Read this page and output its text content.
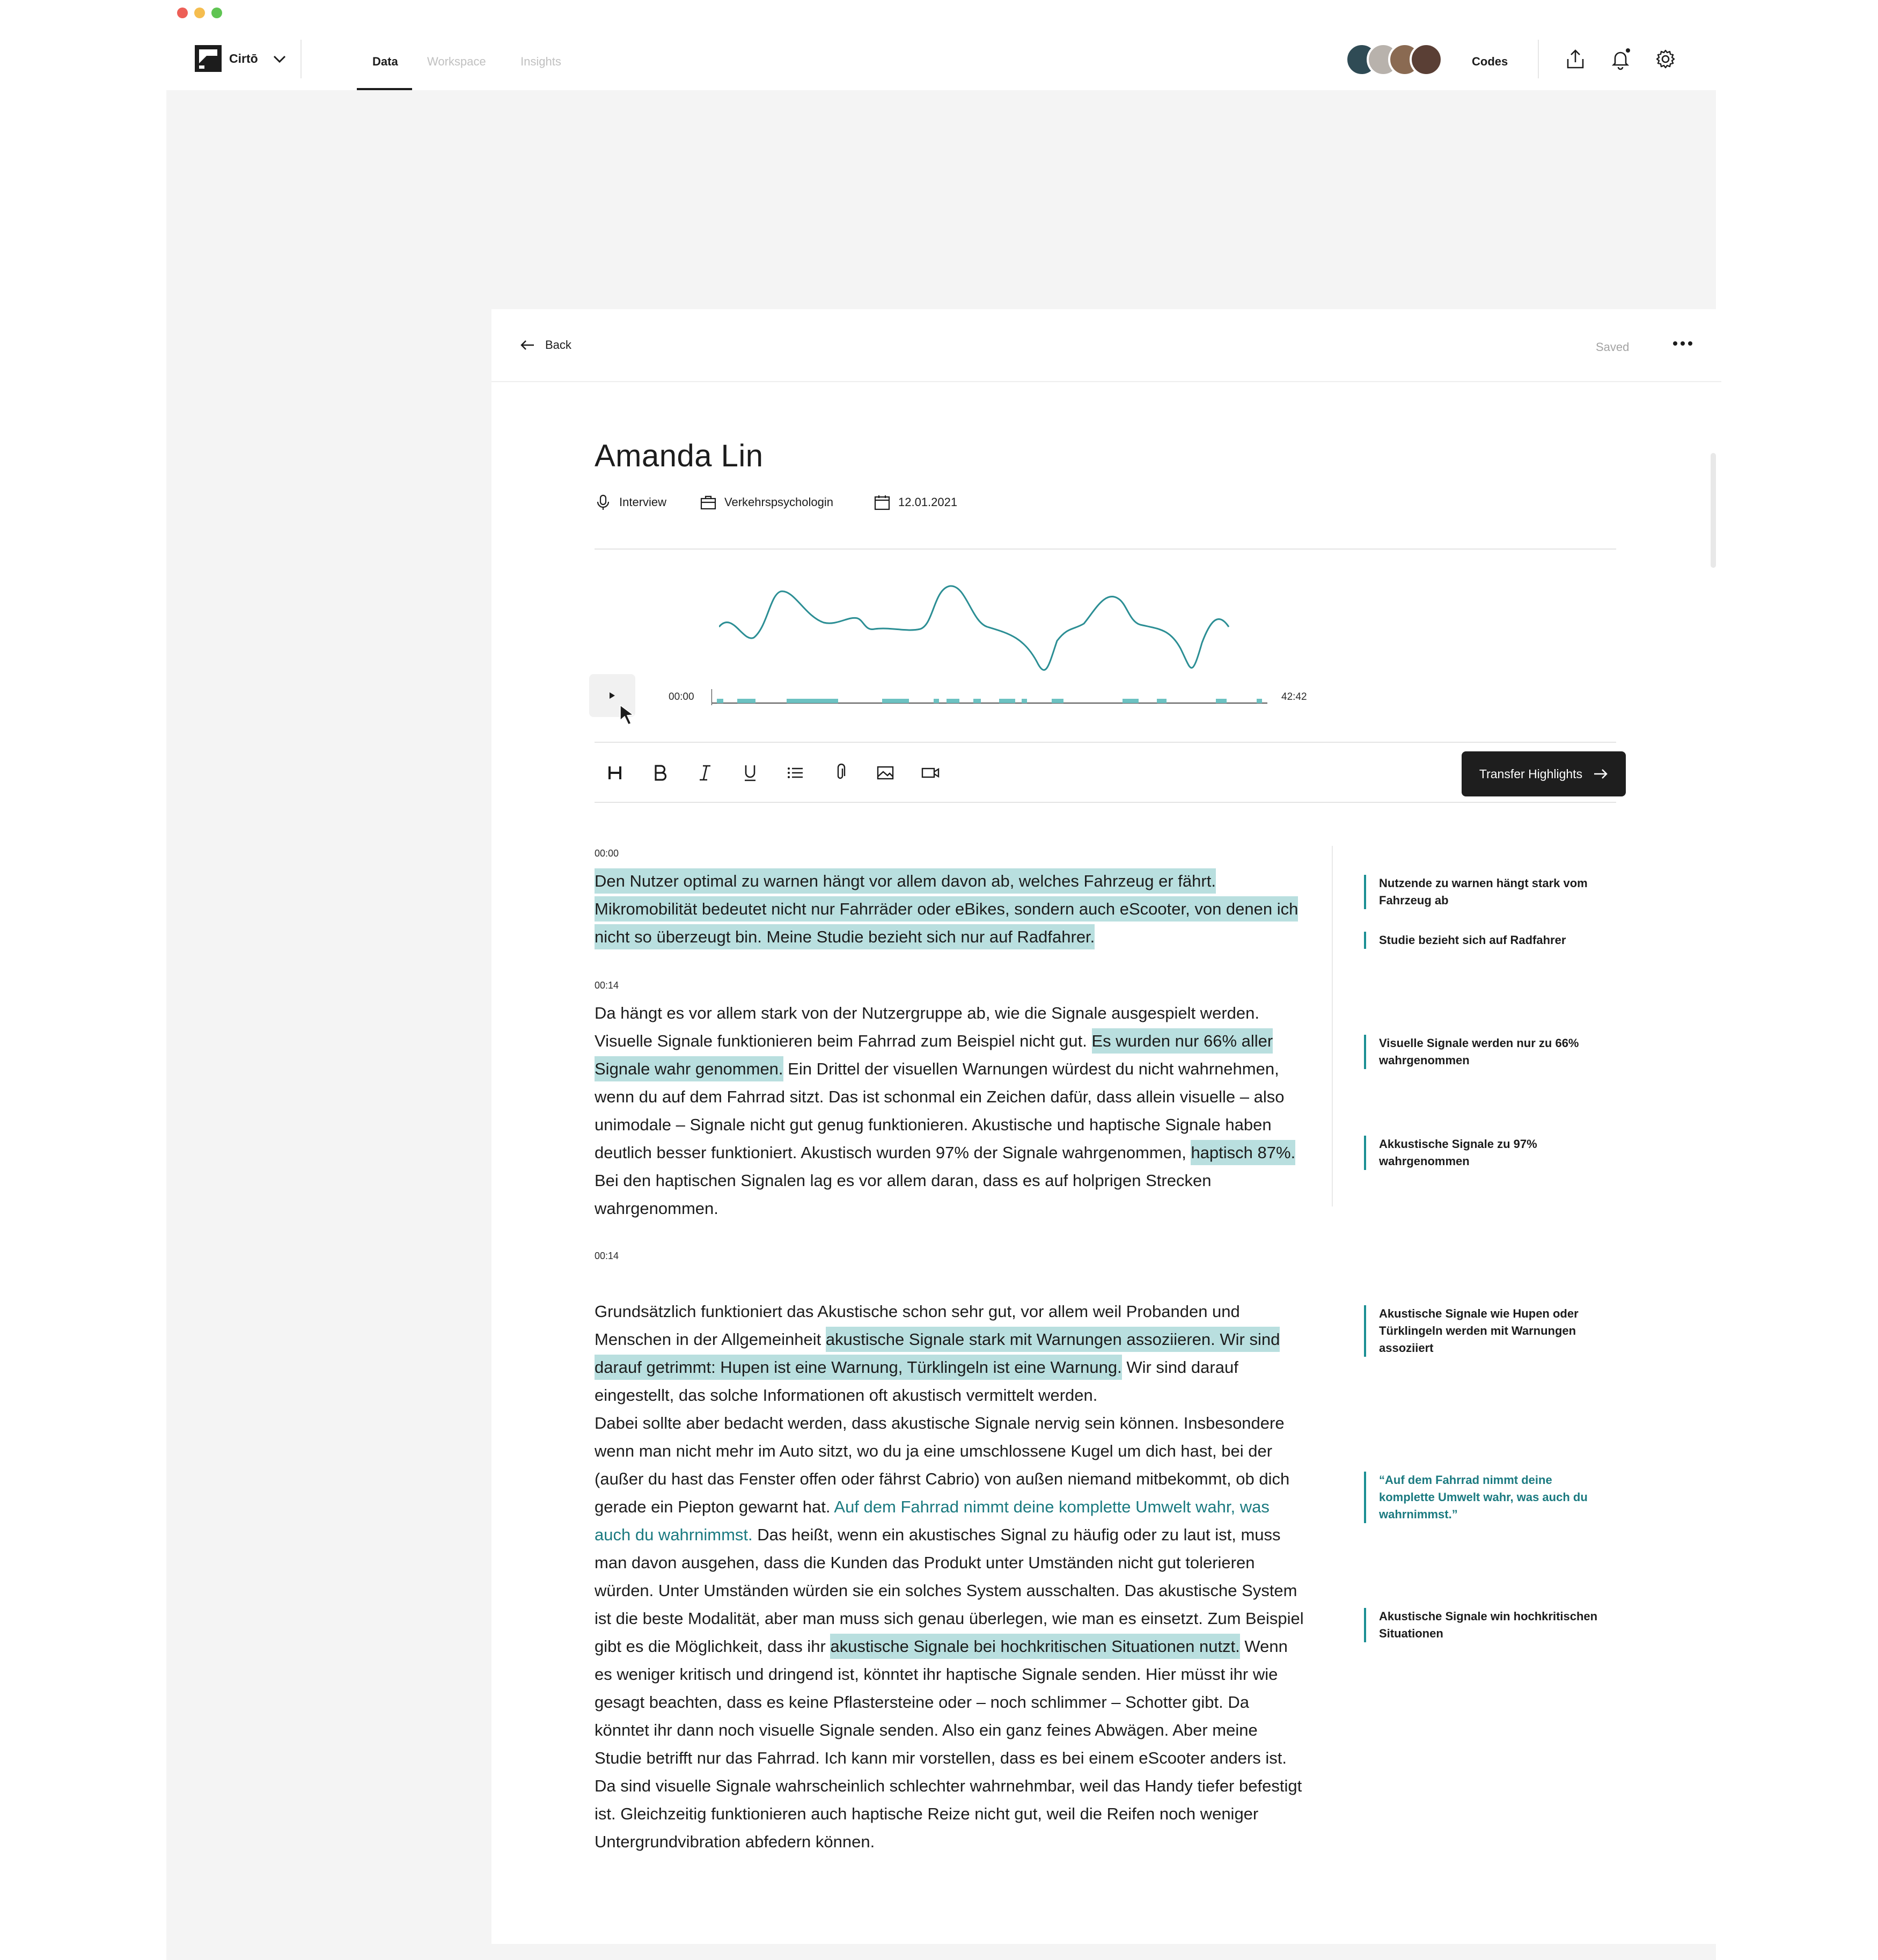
Cirtō	Data Workspace	Insights	Codes
Back	Saved
Amanda Lin
Interview	Verkehrspsychologin	12.01.2021
00:00	42:42
Transfer Highlights
00:00

Den Nutzer optimal zu warnen hängt vor allem davon ab, welches Fahrzeug er fährt. Mikromobilität bedeutet nicht nur Fahrräder oder eBikes, sondern auch eScooter, von denen ich nicht so überzeugt bin. Meine Studie bezieht sich nur auf Radfahrer.

00:14

Da hängt es vor allem stark von der Nutzergruppe ab, wie die Signale ausgespielt werden. Visuelle Signale funktionieren beim Fahrrad zum Beispiel nicht gut. Es wurden nur 66% aller Signale wahr genommen. Ein Drittel der visuellen Warnungen würdest du nicht wahrnehmen, wenn du auf dem Fahrrad sitzt. Das ist schonmal ein Zeichen dafür, dass allein visuelle – also unimodale – Signale nicht gut genug funktionieren. Akustische und haptische Signale haben deutlich besser funktioniert. Akustisch wurden 97% der Signale wahrgenommen, haptisch 87%. Bei den haptischen Signalen lag es vor allem daran, dass es auf holprigen Strecken wahrgenommen.

00:14

Grundsätzlich funktioniert das Akustische schon sehr gut, vor allem weil Probanden und Menschen in der Allgemeinheit akustische Signale stark mit Warnungen assoziieren. Wir sind darauf getrimmt: Hupen ist eine Warnung, Türklingeln ist eine Warnung. Wir sind darauf eingestellt, das solche Informationen oft akustisch vermittelt werden.
Dabei sollte aber bedacht werden, dass akustische Signale nervig sein können. Insbesondere wenn man nicht mehr im Auto sitzt, wo du ja eine umschlossene Kugel um dich hast, bei der (außer du hast das Fenster offen oder fährst Cabrio) von außen niemand mitbekommt, ob dich gerade ein Piepton gewarnt hat. Auf dem Fahrrad nimmt deine komplette Umwelt wahr, was auch du wahrnimmst. Das heißt, wenn ein akustisches Signal zu häufig oder zu laut ist, muss man davon ausgehen, dass die Kunden das Produkt unter Umständen nicht gut tolerieren würden. Unter Umständen würden sie ein solches System ausschalten. Das akustische System ist die beste Modalität, aber man muss sich genau überlegen, wie man es einsetzt. Zum Beispiel gibt es die Möglichkeit, dass ihr akustische Signale bei hochkritischen Situationen nutzt. Wenn es weniger kritisch und dringend ist, könntet ihr haptische Signale senden. Hier müsst ihr wie gesagt beachten, dass es keine Pflastersteine oder – noch schlimmer – Schotter gibt. Da könntet ihr dann noch visuelle Signale senden. Also ein ganz feines Abwägen. Aber meine Studie betrifft nur das Fahrrad. Ich kann mir vorstellen, dass es bei einem eScooter anders ist. Da sind visuelle Signale wahrscheinlich schlechter wahrnehmbar, weil das Handy tiefer befestigt ist. Gleichzeitig funktionieren auch haptische Reize nicht gut, weil die Reifen noch weniger Untergrundvibration abfedern können.

Nutzende zu warnen hängt stark vom Fahrzeug ab
Studie bezieht sich auf Radfahrer
Visuelle Signale werden nur zu 66% wahrgenommen
Akkustische Signale zu 97% wahrgenommen
Akustische Signale wie Hupen oder Türklingeln werden mit Warnungen assoziiert
“Auf dem Fahrrad nimmt deine komplette Umwelt wahr, was auch du wahrnimmst.”
Akustische Signale win hochkritischen Situationen
